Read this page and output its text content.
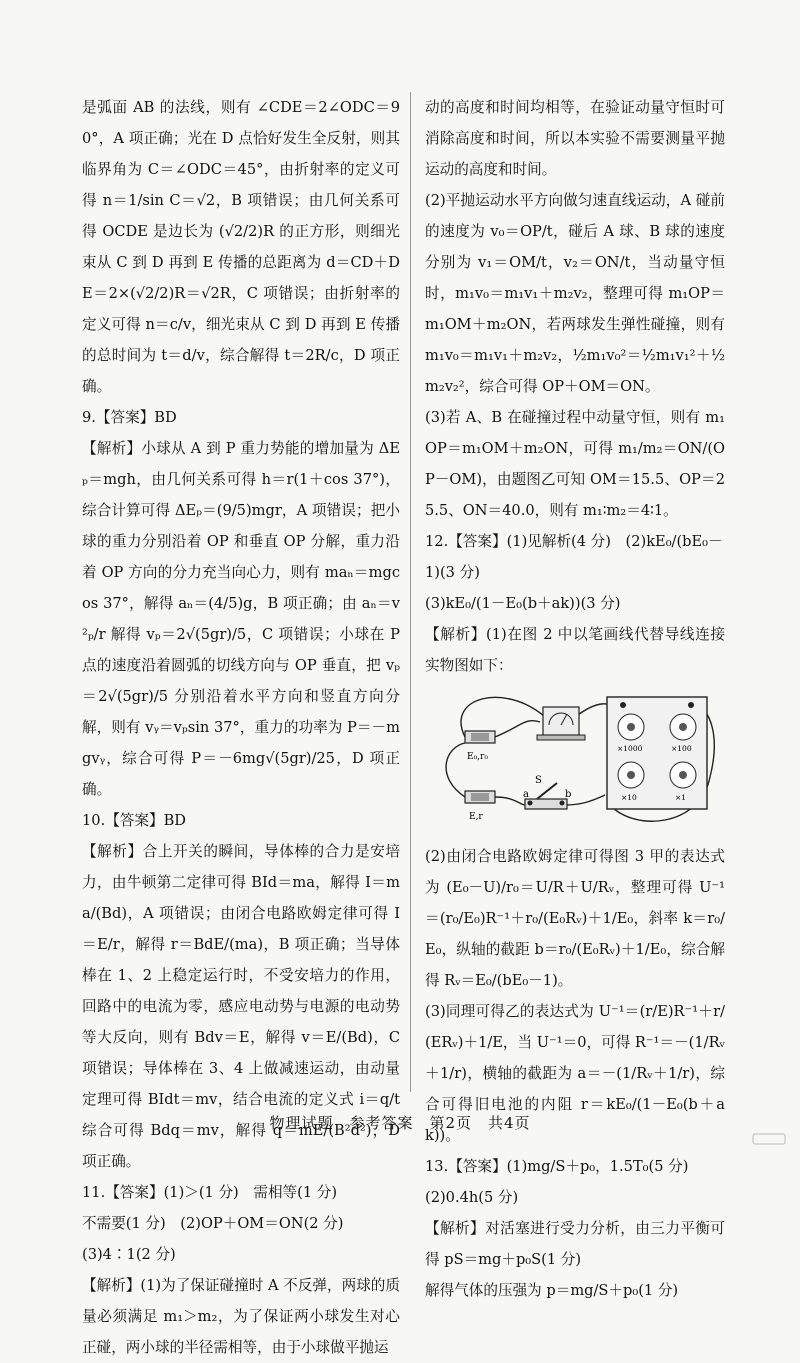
是弧面 AB 的法线，则有 ∠CDE＝2∠ODC＝90°，A 项正确；光在 D 点恰好发生全反射，则其临界角为 C＝∠ODC＝45°，由折射率的定义可得 n＝1/sin C＝√2，B 项错误；由几何关系可得 OCDE 是边长为 (√2/2)R 的正方形，则细光束从 C 到 D 再到 E 传播的总距离为 d＝CD＋DE＝2×(√2/2)R＝√2R，C 项错误；由折射率的定义可得 n＝c/v，细光束从 C 到 D 再到 E 传播的总时间为 t＝d/v，综合解得 t＝2R/c，D 项正确。

9.【答案】BD

【解析】小球从 A 到 P 重力势能的增加量为 ΔEₚ＝mgh，由几何关系可得 h＝r(1＋cos 37°)，综合计算可得 ΔEₚ＝(9/5)mgr，A 项错误；把小球的重力分别沿着 OP 和垂直 OP 分解，重力沿着 OP 方向的分力充当向心力，则有 maₙ＝mgcos 37°，解得 aₙ＝(4/5)g，B 项正确；由 aₙ＝v²ₚ/r 解得 vₚ＝2√(5gr)/5，C 项错误；小球在 P 点的速度沿着圆弧的切线方向与 OP 垂直，把 vₚ＝2√(5gr)/5 分别沿着水平方向和竖直方向分解，则有 vᵧ＝vₚsin 37°，重力的功率为 P＝－mgvᵧ，综合可得 P＝－6mg√(5gr)/25，D 项正确。

10.【答案】BD

【解析】合上开关的瞬间，导体棒的合力是安培力，由牛顿第二定律可得 BId＝ma，解得 I＝ma/(Bd)，A 项错误；由闭合电路欧姆定律可得 I＝E/r，解得 r＝BdE/(ma)，B 项正确；当导体棒在 1、2 上稳定运行时，不受安培力的作用，回路中的电流为零，感应电动势与电源的电动势等大反向，则有 Bdv＝E，解得 v＝E/(Bd)，C 项错误；导体棒在 3、4 上做减速运动，由动量定理可得 BIdt＝mv，结合电流的定义式 i＝q/t 综合可得 Bdq＝mv，解得 q＝mE/(B²d²)，D 项正确。

11.【答案】(1)＞(1 分)　需相等(1 分)

不需要(1 分)　(2)OP＋OM＝ON(2 分)

(3)4∶1(2 分)

【解析】(1)为了保证碰撞时 A 不反弹，两球的质量必须满足 m₁＞m₂，为了保证两小球发生对心正碰，两小球的半径需相等，由于小球做平抛运

动的高度和时间均相等，在验证动量守恒时可消除高度和时间，所以本实验不需要测量平抛运动的高度和时间。

(2)平抛运动水平方向做匀速直线运动，A 碰前的速度为 v₀＝OP/t，碰后 A 球、B 球的速度分别为 v₁＝OM/t，v₂＝ON/t，当动量守恒时，m₁v₀＝m₁v₁＋m₂v₂，整理可得 m₁OP＝m₁OM＋m₂ON，若两球发生弹性碰撞，则有 m₁v₀＝m₁v₁＋m₂v₂，½m₁v₀²＝½m₁v₁²＋½m₂v₂²，综合可得 OP＋OM＝ON。

(3)若 A、B 在碰撞过程中动量守恒，则有 m₁OP＝m₁OM＋m₂ON，可得 m₁/m₂＝ON/(OP－OM)，由题图乙可知 OM＝15.5、OP＝25.5、ON＝40.0，则有 m₁∶m₂＝4∶1。

12.【答案】(1)见解析(4 分)　(2)kE₀/(bE₀－1)(3 分)

(3)kE₀/(1－E₀(b＋ak))(3 分)

【解析】(1)在图 2 中以笔画线代替导线连接实物图如下：

E₀,r₀
E,r
S
a	b
×1000	×100
×10	×1

(2)由闭合电路欧姆定律可得图 3 甲的表达式为 (E₀－U)/r₀＝U/R＋U/Rᵥ，整理可得 U⁻¹＝(r₀/E₀)R⁻¹＋r₀/(E₀Rᵥ)＋1/E₀，斜率 k＝r₀/E₀，纵轴的截距 b＝r₀/(E₀Rᵥ)＋1/E₀，综合解得 Rᵥ＝E₀/(bE₀－1)。

(3)同理可得乙的表达式为 U⁻¹＝(r/E)R⁻¹＋r/(ERᵥ)＋1/E，当 U⁻¹＝0，可得 R⁻¹＝－(1/Rᵥ＋1/r)，横轴的截距为 a＝－(1/Rᵥ＋1/r)，综合可得旧电池的内阻 r＝kE₀/(1－E₀(b＋ak))。

13.【答案】(1)mg/S＋p₀，1.5T₀(5 分)　(2)0.4h(5 分)

【解析】对活塞进行受力分析，由三力平衡可得 pS＝mg＋p₀S(1 分)

解得气体的压强为 p＝mg/S＋p₀(1 分)

物理试题　参考答案　第2页　共4页
